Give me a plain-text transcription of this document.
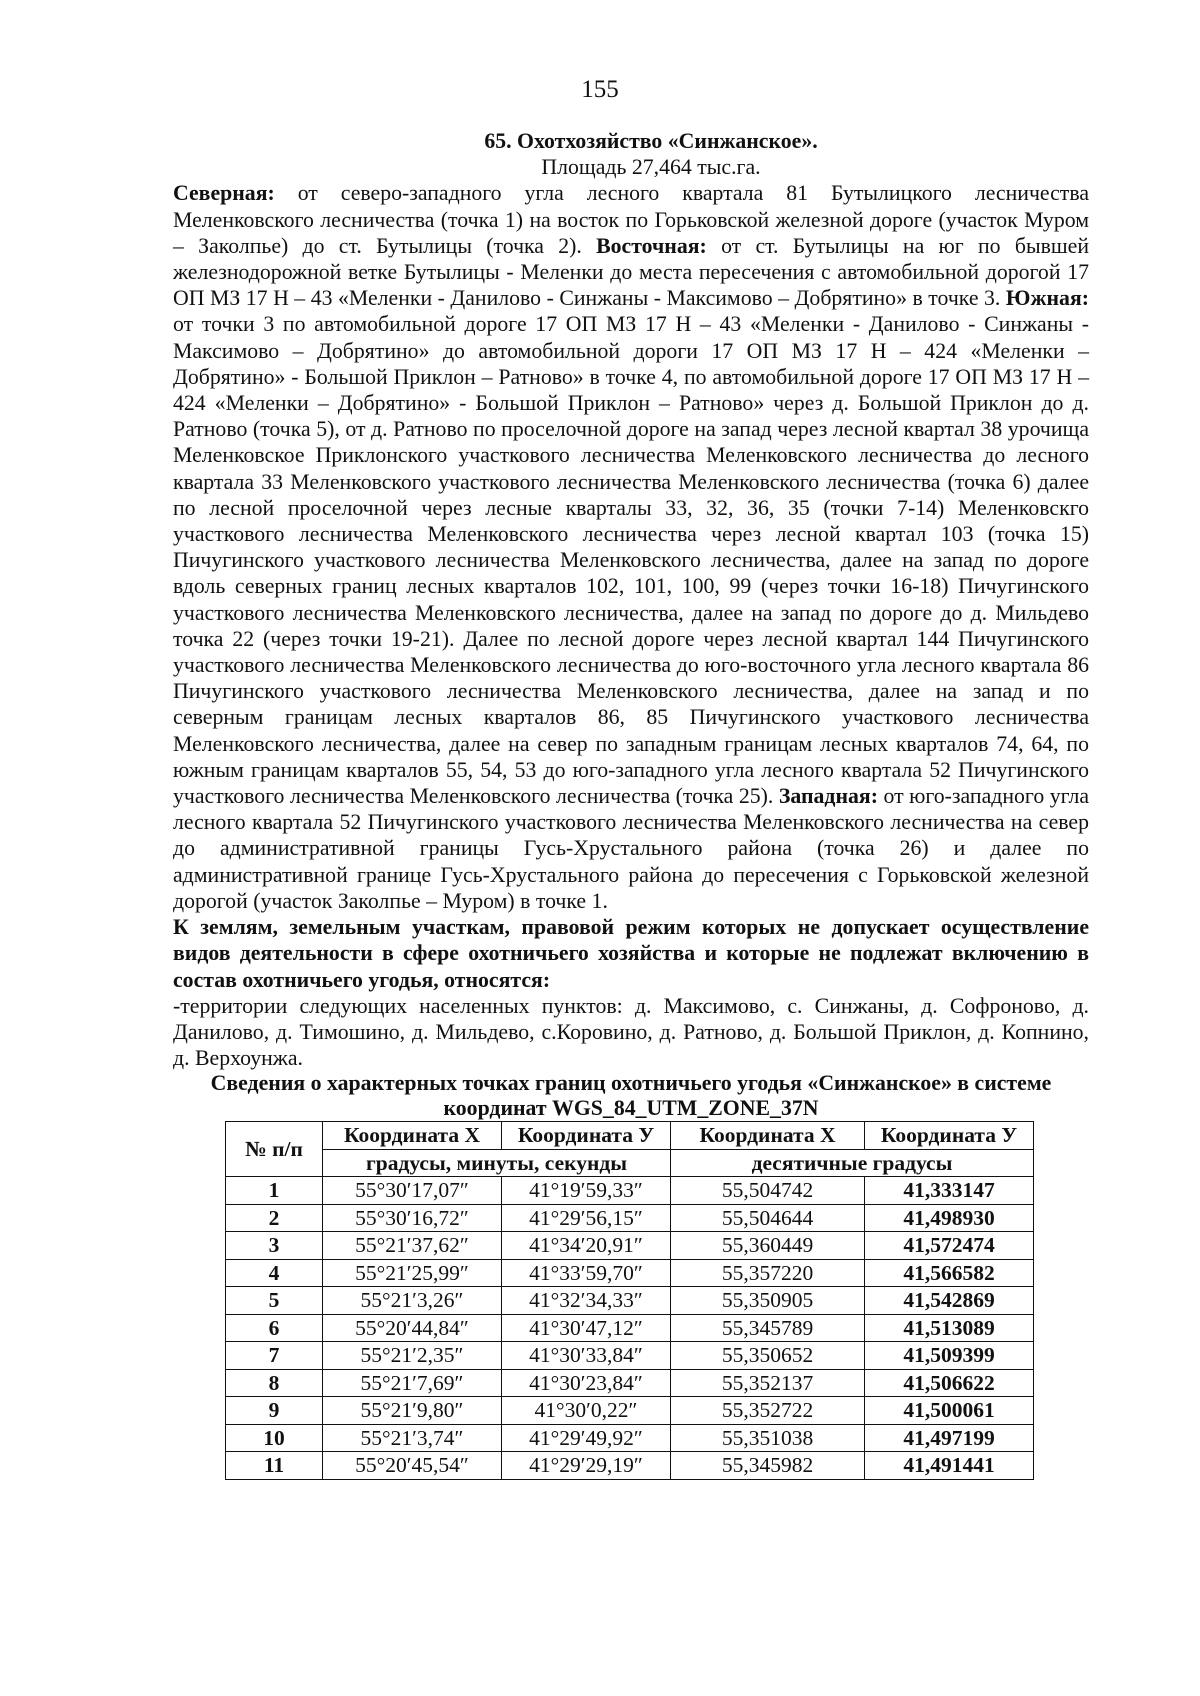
155

65. Охотхозяйство «Синжанское».

Площадь 27,464 тыс.га.

Северная: от северо-западного угла лесного квартала 81 Бутылицкого лесничества Меленковского лесничества (точка 1) на восток по Горьковской железной дороге (участок Муром – Заколпье) до ст. Бутылицы (точка 2). Восточная: от ст. Бутылицы на юг по бывшей железнодорожной ветке Бутылицы - Меленки до места пересечения с автомобильной дорогой 17 ОП МЗ 17 Н – 43 «Меленки - Данилово - Синжаны - Максимово – Добрятино» в точке 3. Южная: от точки 3 по автомобильной дороге 17 ОП МЗ 17 Н – 43 «Меленки - Данилово - Синжаны - Максимово – Добрятино» до автомобильной дороги 17 ОП МЗ 17 Н – 424 «Меленки – Добрятино» - Большой Приклон – Ратново» в точке 4, по автомобильной дороге 17 ОП МЗ 17 Н – 424 «Меленки – Добрятино» - Большой Приклон – Ратново» через д. Большой Приклон до д. Ратново (точка 5), от д. Ратново по проселочной дороге на запад через лесной квартал 38 урочища Меленковское Приклонского участкового лесничества Меленковского лесничества до лесного квартала 33 Меленковского участкового лесничества Меленковского лесничества (точка 6) далее по лесной проселочной через лесные кварталы 33, 32, 36, 35 (точки 7-14) Меленковскго участкового лесничества Меленковского лесничества через лесной квартал 103 (точка 15) Пичугинского участкового лесничества Меленковского лесничества, далее на запад по дороге вдоль северных границ лесных кварталов 102, 101, 100, 99 (через точки 16-18) Пичугинского участкового лесничества Меленковского лесничества, далее на запад по дороге до д. Мильдево точка 22 (через точки 19-21). Далее по лесной дороге через лесной квартал 144 Пичугинского участкового лесничества Меленковского лесничества до юго-восточного угла лесного квартала 86 Пичугинского участкового лесничества Меленковского лесничества, далее на запад и по северным границам лесных кварталов 86, 85 Пичугинского участкового лесничества Меленковского лесничества, далее на север по западным границам лесных кварталов 74, 64, по южным границам кварталов 55, 54, 53 до юго-западного угла лесного квартала 52 Пичугинского участкового лесничества Меленковского лесничества (точка 25). Западная: от юго-западного угла лесного квартала 52 Пичугинского участкового лесничества Меленковского лесничества на север до административной границы Гусь-Хрустального района (точка 26) и далее по административной границе Гусь-Хрустального района до пересечения с Горьковской железной дорогой (участок Заколпье – Муром) в точке 1.

К землям, земельным участкам, правовой режим которых не допускает осуществление видов деятельности в сфере охотничьего хозяйства и которые не подлежат включению в состав охотничьего угодья, относятся:

-территории следующих населенных пунктов: д. Максимово, с. Синжаны, д. Софроново, д. Данилово, д. Тимошино, д. Мильдево, с.Коровино, д. Ратново, д. Большой Приклон, д. Копнино, д. Верхоунжа.

Сведения о характерных точках границ охотничьего угодья «Синжанское» в системе координат WGS_84_UTM_ZONE_37N

№ п/п	Координата X	Координата У	Координата X	Координата У
	градусы, минуты, секунды		десятичные градусы	
1	55°30′17,07″	41°19′59,33″	55,504742	41,333147
2	55°30′16,72″	41°29′56,15″	55,504644	41,498930
3	55°21′37,62″	41°34′20,91″	55,360449	41,572474
4	55°21′25,99″	41°33′59,70″	55,357220	41,566582
5	55°21′3,26″	41°32′34,33″	55,350905	41,542869
6	55°20′44,84″	41°30′47,12″	55,345789	41,513089
7	55°21′2,35″	41°30′33,84″	55,350652	41,509399
8	55°21′7,69″	41°30′23,84″	55,352137	41,506622
9	55°21′9,80″	41°30′0,22″	55,352722	41,500061
10	55°21′3,74″	41°29′49,92″	55,351038	41,497199
11	55°20′45,54″	41°29′29,19″	55,345982	41,491441
